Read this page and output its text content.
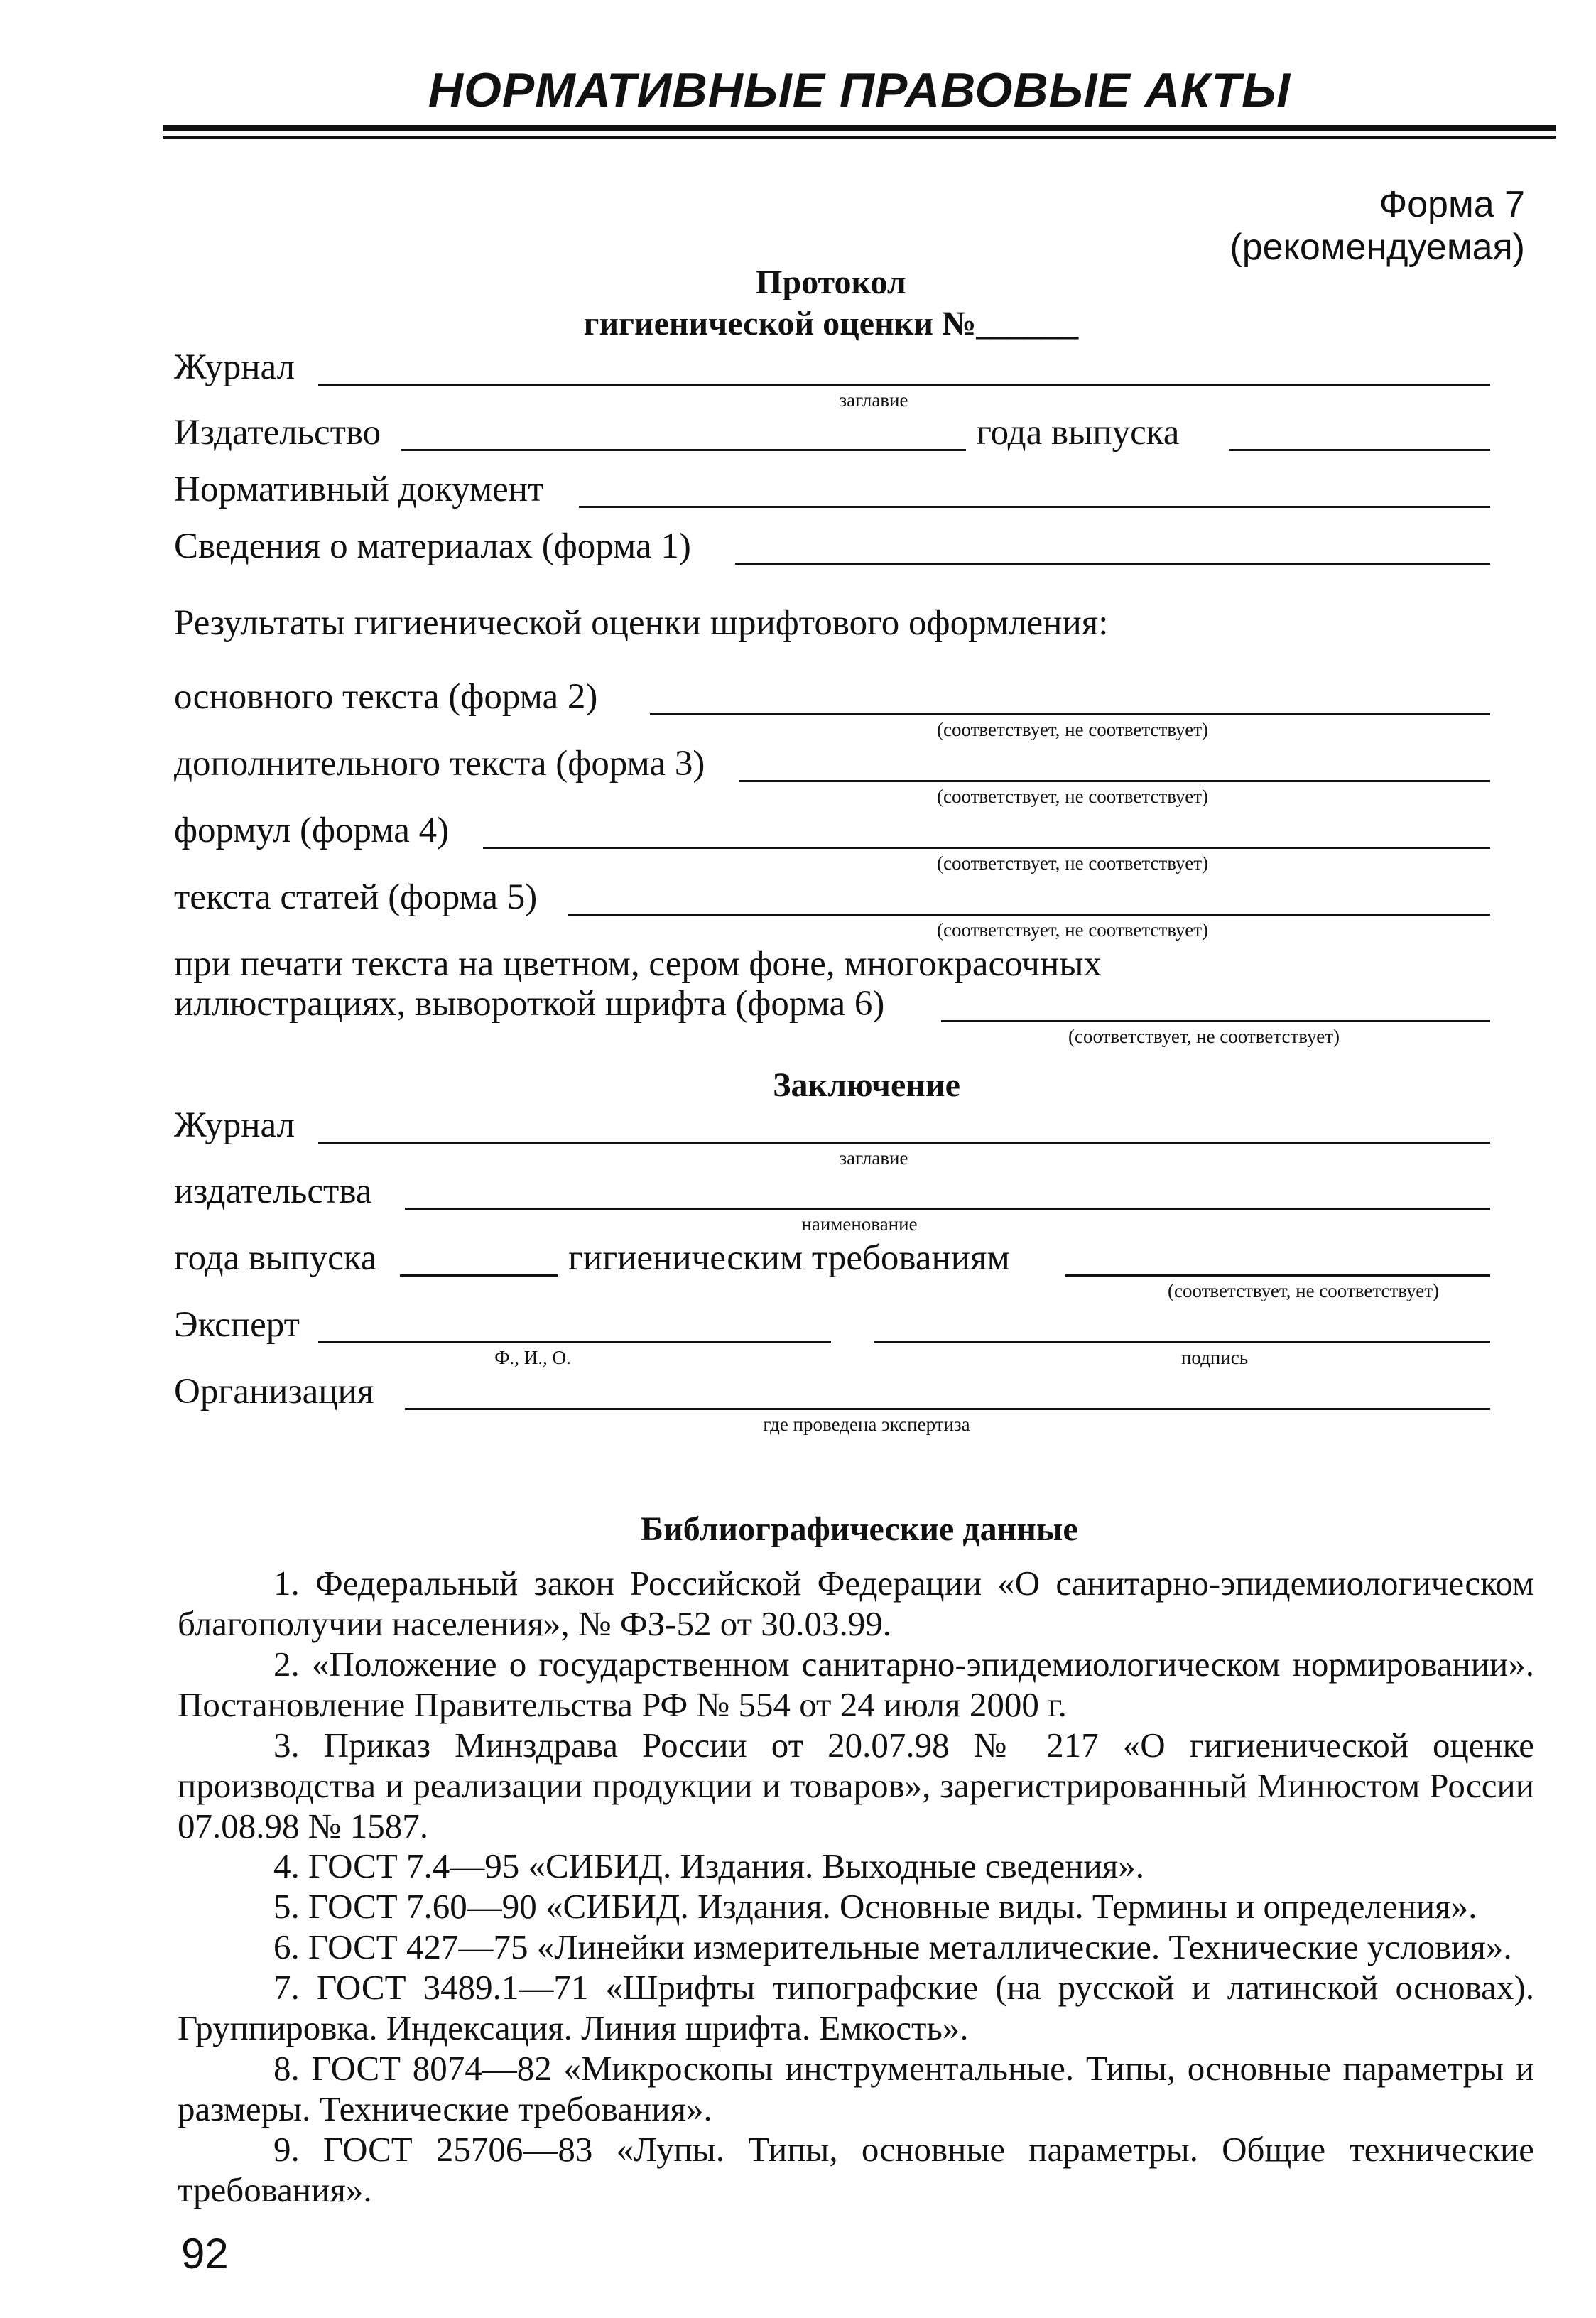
НОРМАТИВНЫЕ ПРАВОВЫЕ АКТЫ
Форма 7
(рекомендуемая)
Протокол
гигиенической оценки №______
Журнал
заглавие
Издательство	года выпуска
Нормативный документ
Сведения о материалах (форма 1)
Результаты гигиенической оценки шрифтового оформления:
основного текста (форма 2)
(соответствует, не соответствует)
дополнительного текста (форма 3)
(соответствует, не соответствует)
формул (форма 4)
(соответствует, не соответствует)
текста статей (форма 5)
(соответствует, не соответствует)
при печати текста на цветном, сером фоне, многокрасочных
иллюстрациях, вывороткой шрифта (форма 6)
(соответствует, не соответствует)
Заключение
Журнал
заглавие
издательства
наименование
года выпуска	гигиеническим требованиям
(соответствует, не соответствует)
Эксперт
Ф., И., О.	подпись
Организация
где проведена экспертиза
Библиографические данные
1. Федеральный закон Российской Федерации «О санитарно-эпидемиологическом благополучии населения», № ФЗ-52 от 30.03.99.
2. «Положение о государственном санитарно-эпидемиологическом нормировании». Постановление Правительства РФ № 554 от 24 июля 2000 г.
3. Приказ Минздрава России от 20.07.98 № 217 «О гигиенической оценке производства и реализации продукции и товаров», зарегистрированный Минюстом России 07.08.98 № 1587.
4. ГОСТ 7.4—95 «СИБИД. Издания. Выходные сведения».
5. ГОСТ 7.60—90 «СИБИД. Издания. Основные виды. Термины и определения».
6. ГОСТ 427—75 «Линейки измерительные металлические. Технические условия».
7. ГОСТ 3489.1—71 «Шрифты типографские (на русской и латинской основах). Группировка. Индексация. Линия шрифта. Емкость».
8. ГОСТ 8074—82 «Микроскопы инструментальные. Типы, основные параметры и размеры. Технические требования».
9. ГОСТ 25706—83 «Лупы. Типы, основные параметры. Общие технические требования».
92
